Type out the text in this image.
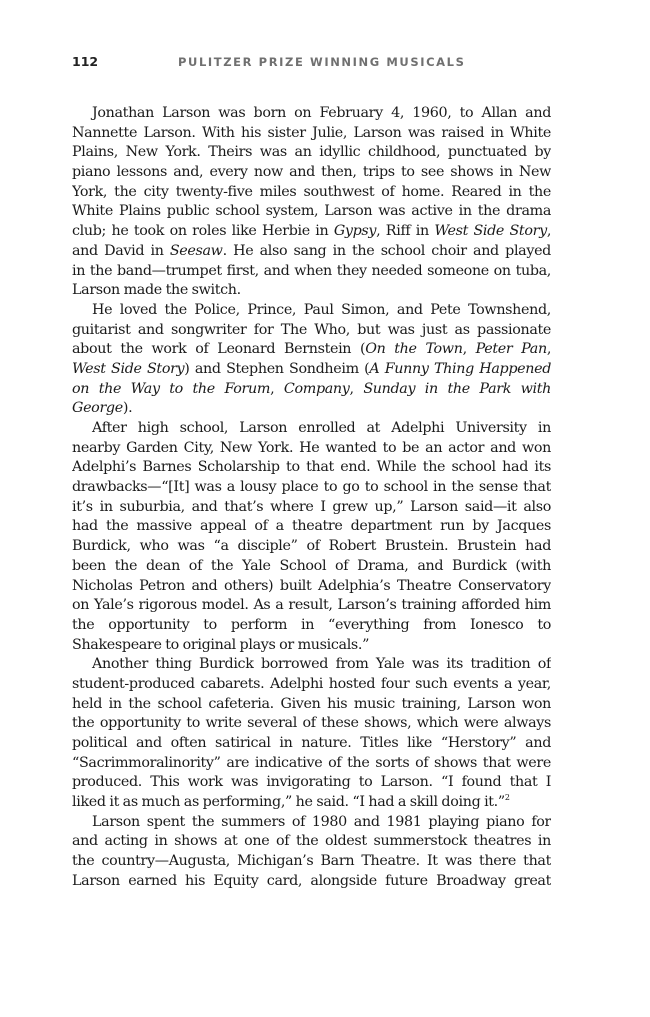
112	PULITZER PRIZE WINNING MUSICALS
Jonathan Larson was born on February 4, 1960, to Allan and
Nannette Larson. With his sister Julie, Larson was raised in White
Plains, New York. Theirs was an idyllic childhood, punctuated by
piano lessons and, every now and then, trips to see shows in New
York, the city twenty-five miles southwest of home. Reared in the
White Plains public school system, Larson was active in the drama
club; he took on roles like Herbie in Gypsy, Riff in West Side Story,
and David in Seesaw. He also sang in the school choir and played
in the band—trumpet first, and when they needed someone on tuba,
Larson made the switch.
He loved the Police, Prince, Paul Simon, and Pete Townshend,
guitarist and songwriter for The Who, but was just as passionate
about the work of Leonard Bernstein (On the Town, Peter Pan,
West Side Story) and Stephen Sondheim (A Funny Thing Happened
on the Way to the Forum, Company, Sunday in the Park with
George).
After high school, Larson enrolled at Adelphi University in
nearby Garden City, New York. He wanted to be an actor and won
Adelphi’s Barnes Scholarship to that end. While the school had its
drawbacks—“[It] was a lousy place to go to school in the sense that
it’s in suburbia, and that’s where I grew up,” Larson said—it also
had the massive appeal of a theatre department run by Jacques
Burdick, who was “a disciple” of Robert Brustein. Brustein had
been the dean of the Yale School of Drama, and Burdick (with
Nicholas Petron and others) built Adelphia’s Theatre Conservatory
on Yale’s rigorous model. As a result, Larson’s training afforded him
the opportunity to perform in “everything from Ionesco to
Shakespeare to original plays or musicals.”
Another thing Burdick borrowed from Yale was its tradition of
student-produced cabarets. Adelphi hosted four such events a year,
held in the school cafeteria. Given his music training, Larson won
the opportunity to write several of these shows, which were always
political and often satirical in nature. Titles like “Herstory” and
“Sacrimmoralinority” are indicative of the sorts of shows that were
produced. This work was invigorating to Larson. “I found that I
liked it as much as performing,” he said. “I had a skill doing it.”$^2$
Larson spent the summers of 1980 and 1981 playing piano for
and acting in shows at one of the oldest summerstock theatres in
the country—Augusta, Michigan’s Barn Theatre. It was there that
Larson earned his Equity card, alongside future Broadway great
